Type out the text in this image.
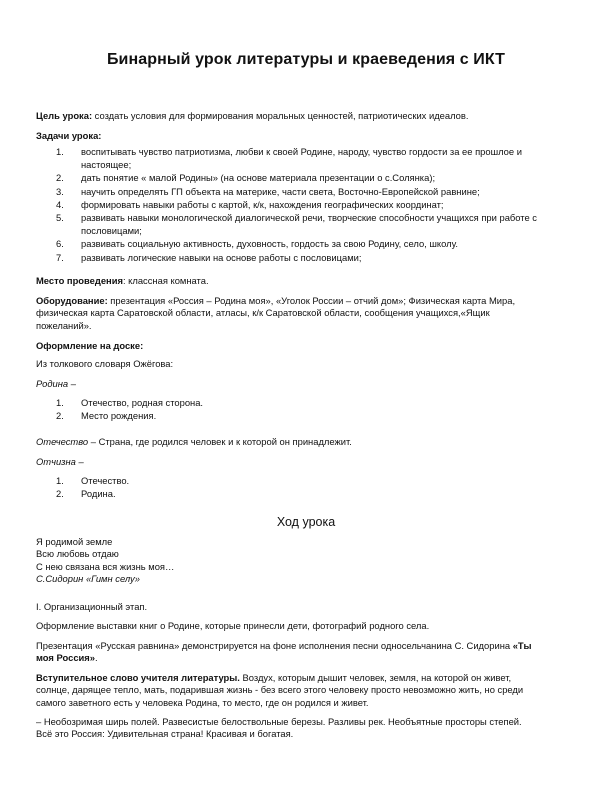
Бинарный урок литературы и краеведения с ИКТ
Цель урока: создать условия для формирования моральных ценностей, патриотических идеалов.
Задачи урока:
1. воспитывать чувство патриотизма, любви к своей Родине, народу, чувство гордости за ее прошлое и
настоящее;
2. дать понятие « малой Родины» (на основе материала презентации о с.Солянка);
3. научить определять ГП объекта на материке, части света, Восточно-Европейской равнине;
4. формировать навыки работы с картой, к/к, нахождения географических координат;
5. развивать навыки монологической диалогической речи, творческие способности учащихся при работе с
пословицами;
6. развивать социальную активность, духовность, гордость за свою Родину, село, школу.
7. развивать логические навыки на основе работы с пословицами;
Место проведения: классная комната.
Оборудование: презентация «Россия – Родина моя», «Уголок России – отчий дом»; Физическая карта Мира,
физическая карта Саратовской области, атласы, к/к Саратовской области, сообщения учащихся,«Ящик
пожеланий».
Оформление на доске:
Из толкового словаря Ожёгова:
Родина –
1. Отечество, родная сторона.
2. Место рождения.
Отечество – Страна, где родился человек и к которой он принадлежит.
Отчизна –
1. Отечество.
2. Родина.
Ход урока
Я родимой земле
Всю любовь отдаю
С нею связана вся жизнь моя…
С.Сидорин «Гимн селу»
I. Организационный этап.
Оформление выставки книг о Родине, которые принесли дети, фотографий родного села.
Презентация «Русская равнина» демонстрируется на фоне исполнения песни односельчанина С. Сидорина «Ты
моя Россия».
Вступительное слово учителя литературы. Воздух, которым дышит человек, земля, на которой он живет,
солнце, дарящее тепло, мать, подарившая жизнь - без всего этого человеку просто невозможно жить, но среди
самого заветного есть у человека Родина, то место, где он родился и живет.
– Необозримая ширь полей. Развесистые белоствольные березы. Разливы рек. Необъятные просторы степей.
Всё это Россия: Удивительная страна! Красивая и богатая.
